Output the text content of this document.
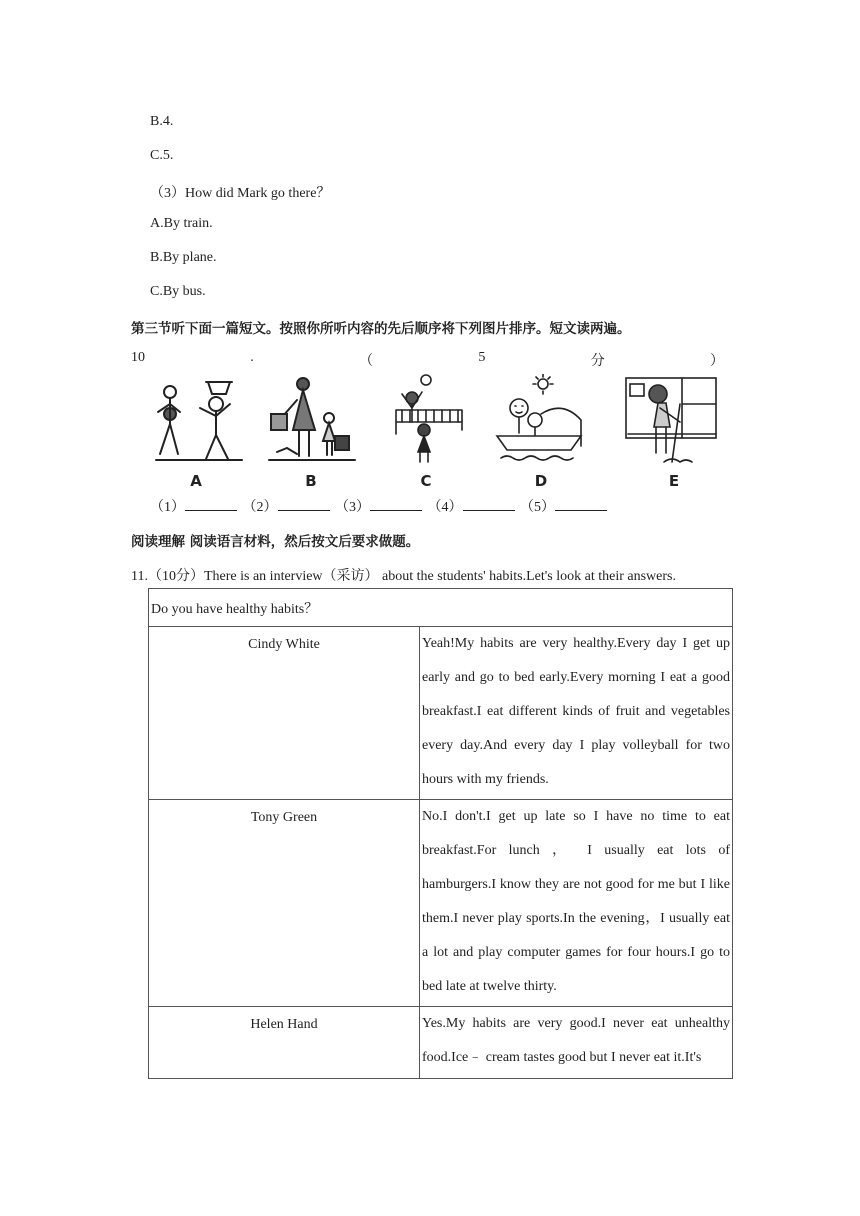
B.4.
C.5.
（3）How did Mark go there？
A.By train.
B.By plane.
C.By bus.
第三节听下面一篇短文。按照你所听内容的先后顺序将下列图片排序。短文读两遍。
10	.	（	5	分	）
A	B	C	D	E
（1）	（2）	（3）	（4）	（5）
阅读理解 阅读语言材料，然后按文后要求做题。
11.（10分）There is an interview（采访） about the students' habits.Let's look at their answers.
Do you have healthy habits？	
Cindy White	Yeah!My habits are very healthy.Every day I get up early and go to bed early.Every morning I eat a good breakfast.I eat different kinds of fruit and vegetables every day.And every day I play volleyball for two hours with my friends.

Tony Green	No.I don't.I get up late so I have no time to eat breakfast.For lunch ， I usually eat lots of hamburgers.I know they are not good for me but I like them.I never play sports.In the evening，I usually eat a lot and play computer games for four hours.I go to bed late at twelve thirty.

Helen Hand	Yes.My habits are very good.I never eat unhealthy food.Ice﹣ cream tastes good but I never eat it.It's
